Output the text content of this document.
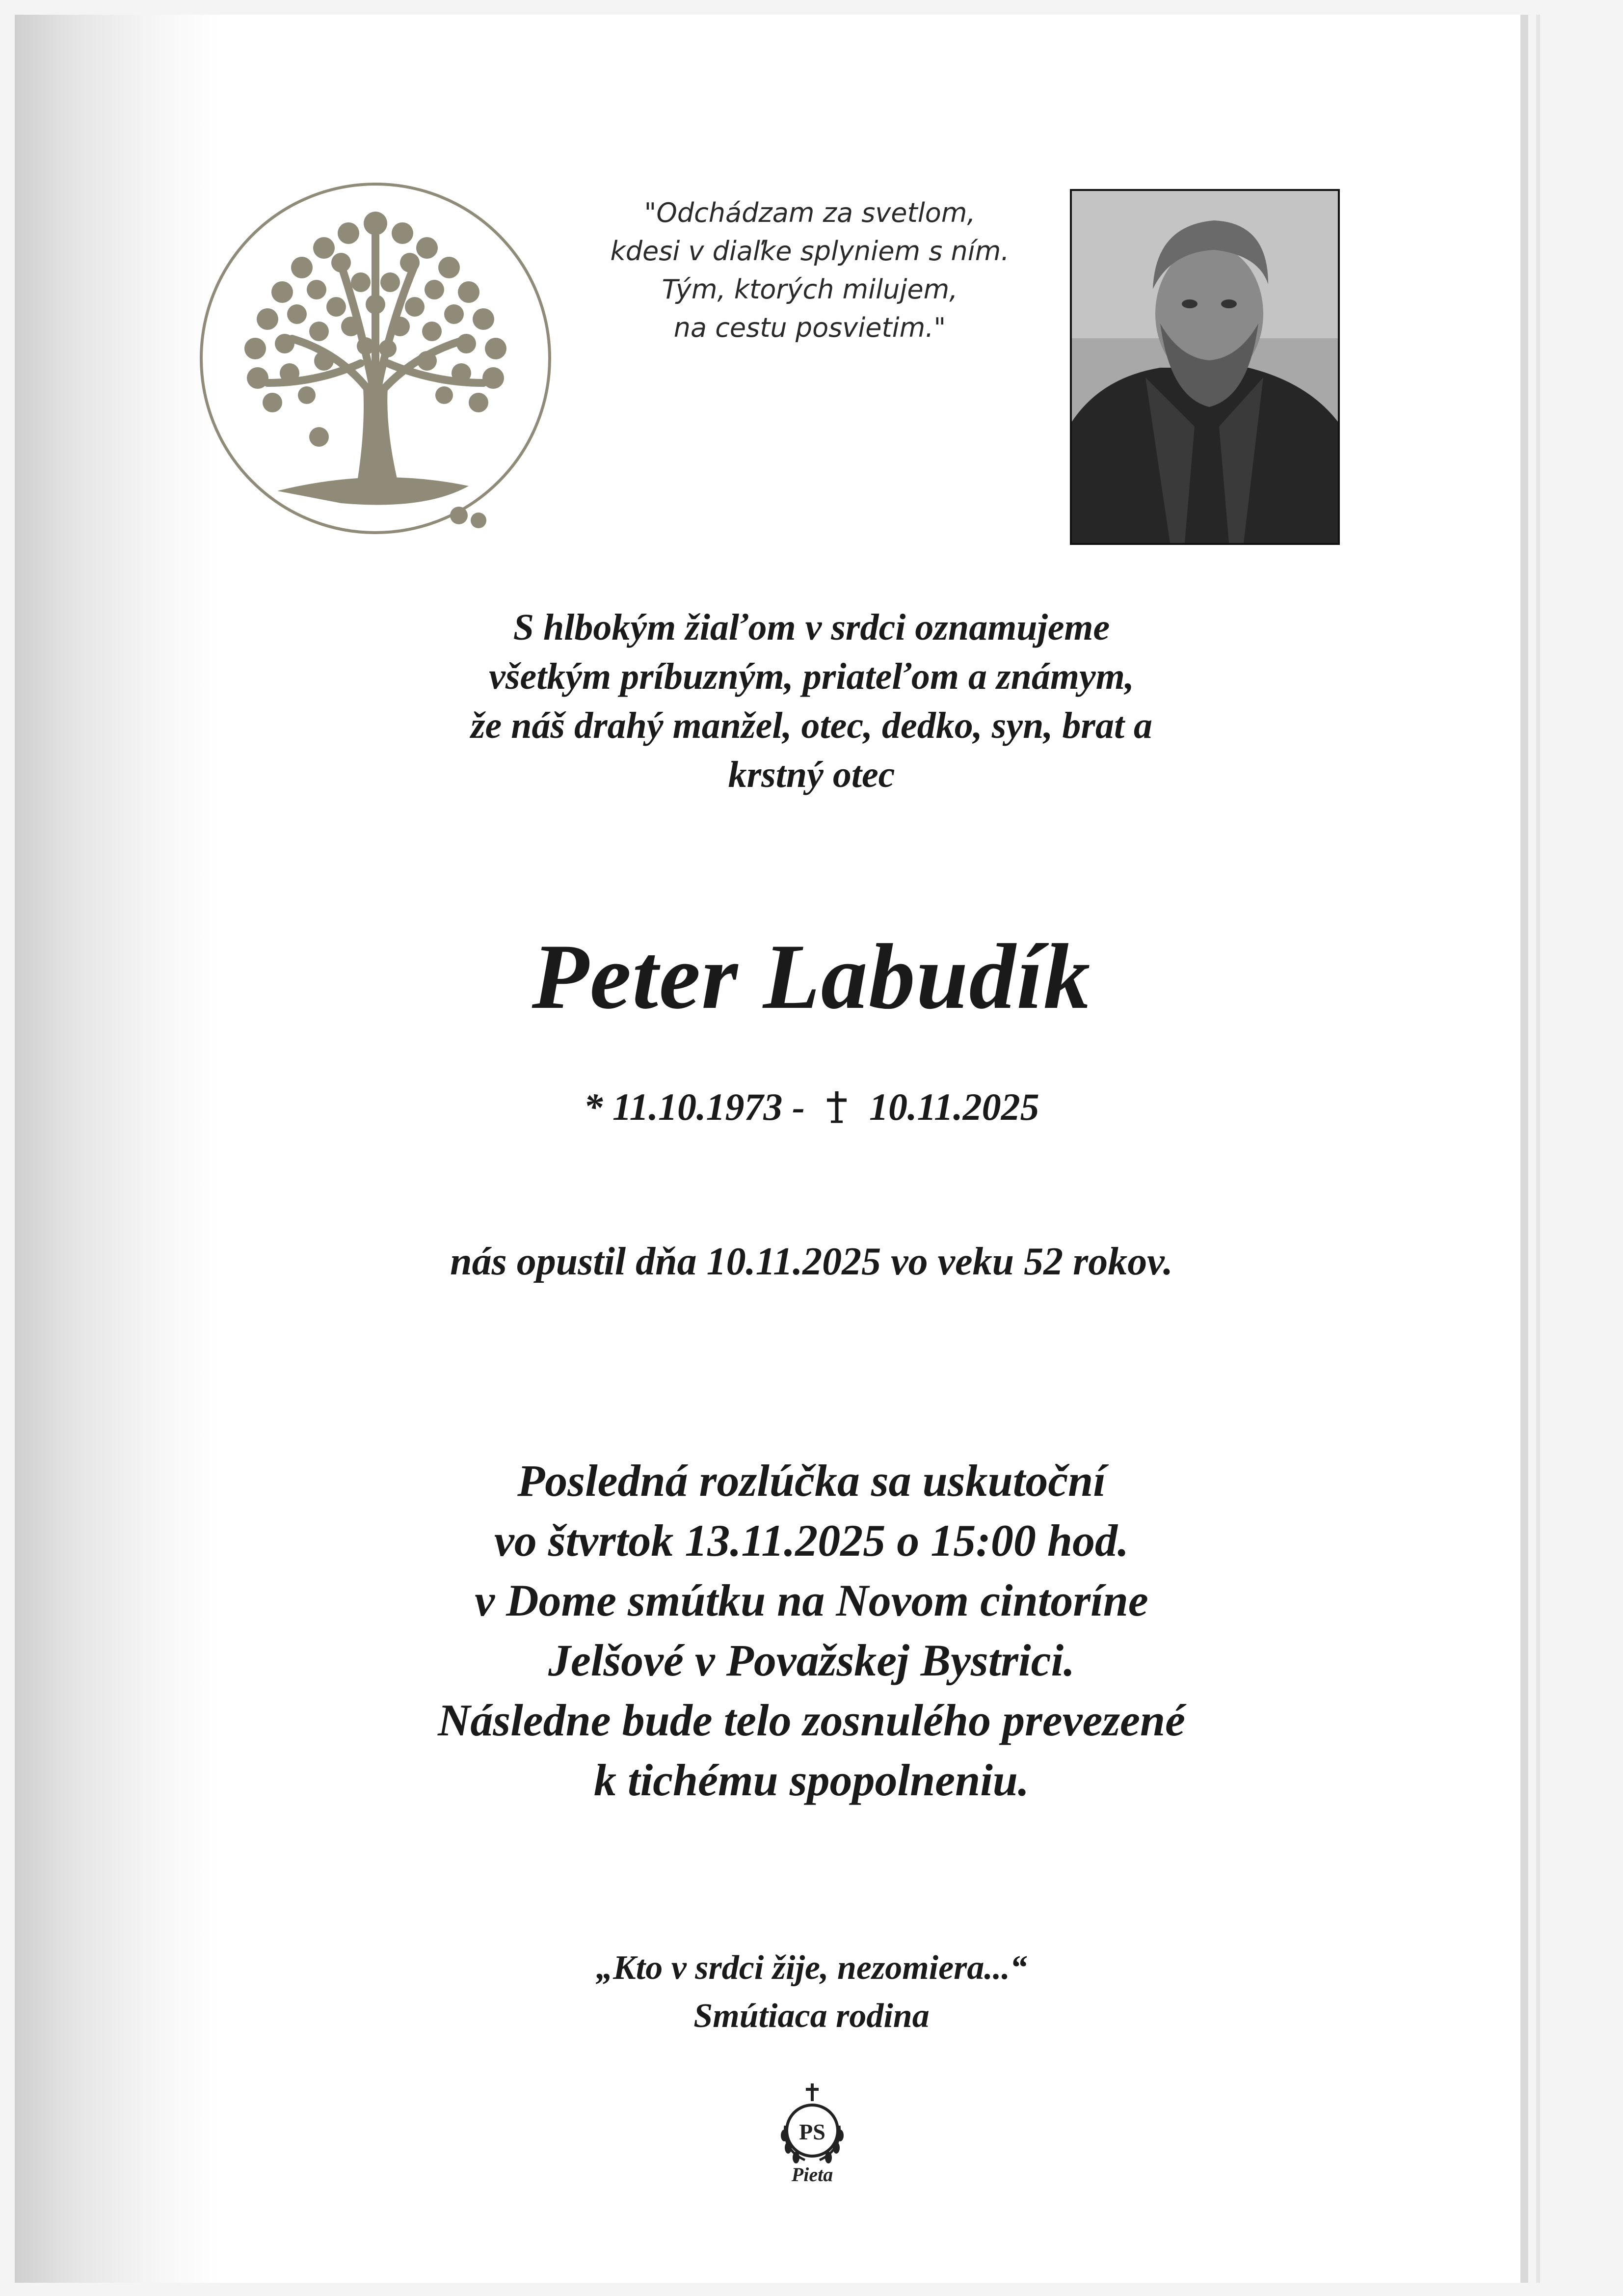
"Odchádzam za svetlom,
kdesi v diaľke splyniem s ním.
Tým, ktorých milujem,
na cestu posvietim."
S hlbokým žiaľom v srdci oznamujeme
všetkým príbuzným, priateľom a známym,
že náš drahý manžel, otec, dedko, syn, brat a
krstný otec
Peter Labudík
* 11.10.1973 - 10.11.2025
nás opustil dňa 10.11.2025 vo veku 52 rokov.
Posledná rozlúčka sa uskutoční
vo štvrtok 13.11.2025 o 15:00 hod.
v Dome smútku na Novom cintoríne
Jelšové v Považskej Bystrici.
Následne bude telo zosnulého prevezené
k tichému spopolneniu.
„Kto v srdci žije, nezomiera...“
Smútiaca rodina
PS
Pieta
